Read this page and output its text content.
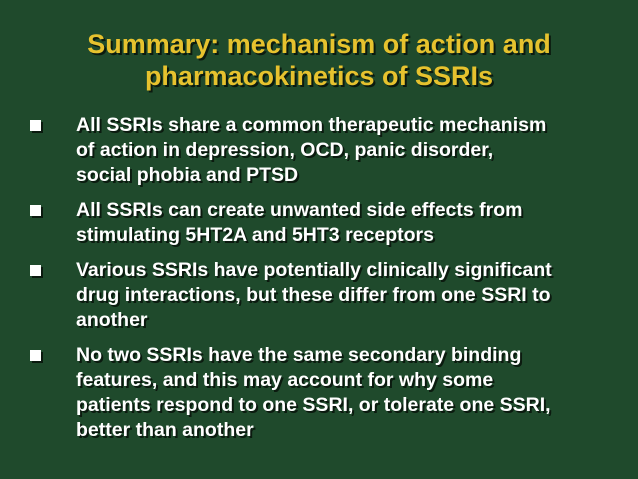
Summary: mechanism of action and
pharmacokinetics of SSRIs
All SSRIs share a common therapeutic mechanism
of action in depression, OCD, panic disorder,
social phobia and PTSD
All SSRIs can create unwanted side effects from
stimulating 5HT2A and 5HT3 receptors
Various SSRIs have potentially clinically significant
drug interactions, but these differ from one SSRI to
another
No two SSRIs have the same secondary binding
features, and this may account for why some
patients respond to one SSRI, or tolerate one SSRI,
better than another
